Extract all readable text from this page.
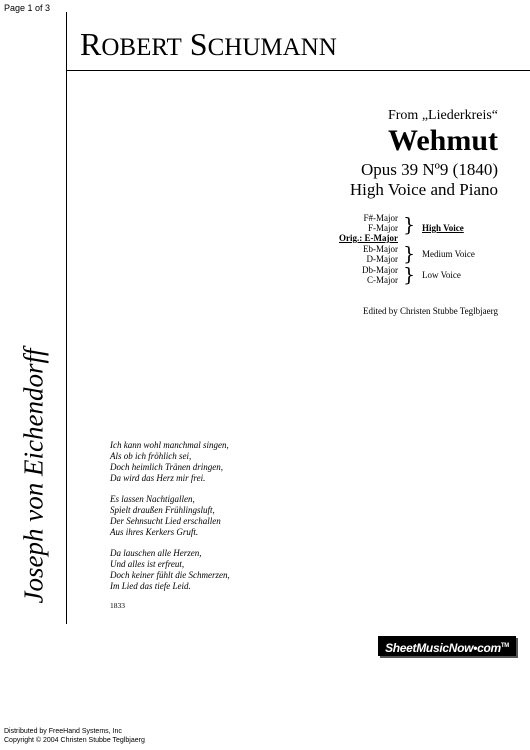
Page 1 of 3
ROBERT SCHUMANN
Joseph von Eichendorff
From „Liederkreis“
Wehmut
Opus 39 Nº9 (1840)
High Voice and Piano
F#-Major
F-Major
Orig.: E-Major
Eb-Major
D-Major
Db-Major
C-Major
}
}
}
High Voice
Medium Voice
Low Voice
Edited by Christen Stubbe Teglbjaerg
Ich kann wohl manchmal singen,
Als ob ich fröhlich sei,
Doch heimlich Tränen dringen,
Da wird das Herz mir frei.
Es lassen Nachtigallen,
Spielt draußen Frühlingsluft,
Der Sehnsucht Lied erschallen
Aus ihres Kerkers Gruft.
Da lauschen alle Herzen,
Und alles ist erfreut,
Doch keiner fühlt die Schmerzen,
Im Lied das tiefe Leid.
1833
SheetMusicNow•com™
Distributed by FreeHand Systems, Inc
Copyright © 2004 Christen Stubbe Teglbjaerg
